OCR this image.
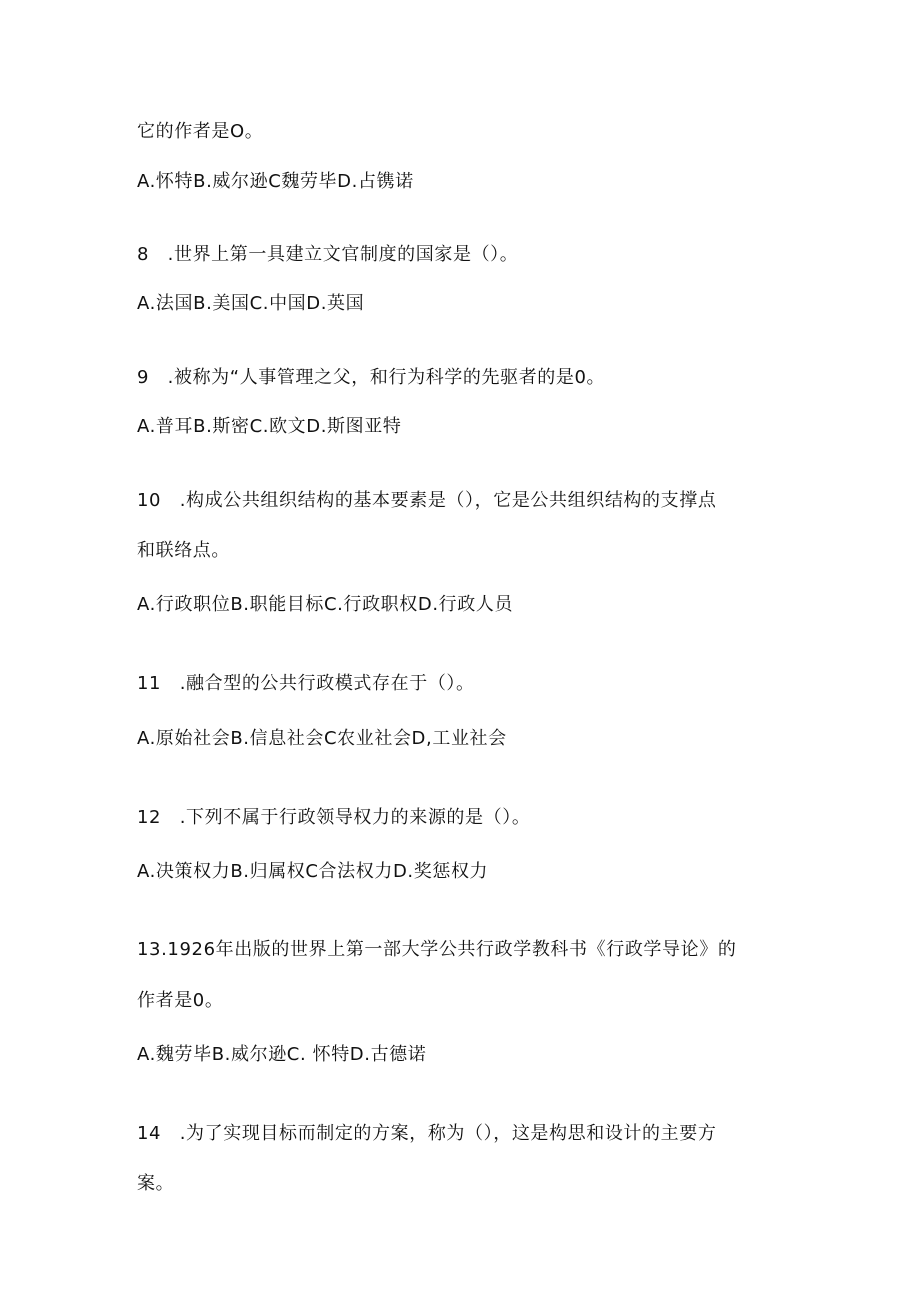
它的作者是O。
A.怀特B.威尔逊C魏劳毕D.占镌诺
8　.世界上第一具建立文官制度的国家是（）。
A.法国B.美国C.中国D.英国
9　.被称为“人事管理之父，和行为科学的先驱者的是0。
A.普耳B.斯密C.欧文D.斯图亚特
10　.构成公共组织结构的基本要素是（），它是公共组织结构的支撑点
和联络点。
A.行政职位B.职能目标C.行政职权D.行政人员
11　.融合型的公共行政模式存在于（）。
A.原始社会B.信息社会C农业社会D,工业社会
12　.下列不属于行政领导权力的来源的是（）。
A.决策权力B.归属权C合法权力D.奖惩权力
13.1926年出版的世界上第一部大学公共行政学教科书《行政学导论》的
作者是0。
A.魏劳毕B.威尔逊C. 怀特D.古德诺
14　.为了实现目标而制定的方案，称为（），这是构思和设计的主要方
案。
